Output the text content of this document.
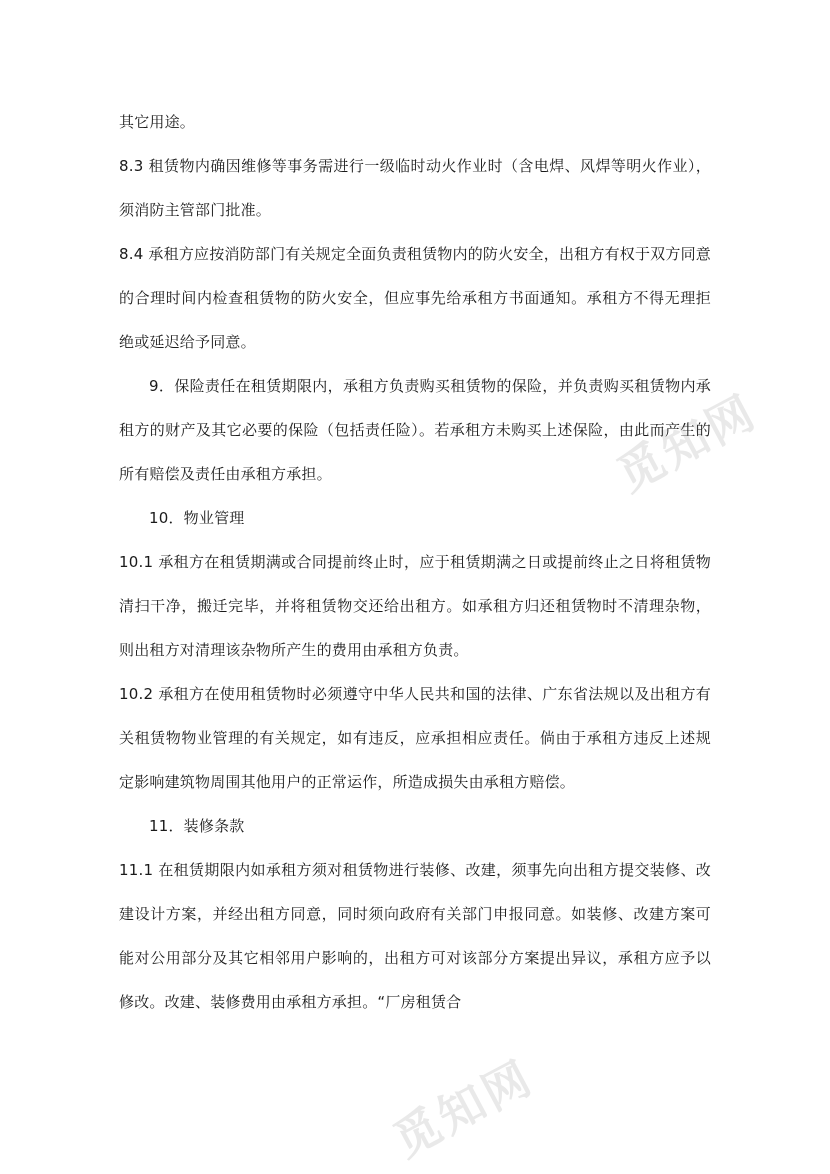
觅知网
觅知网

其它用途。

8.3 租赁物内确因维修等事务需进行一级临时动火作业时（含电焊、风焊等明火作业），须消防主管部门批准。

8.4 承租方应按消防部门有关规定全面负责租赁物内的防火安全，出租方有权于双方同意的合理时间内检查租赁物的防火安全，但应事先给承租方书面通知。承租方不得无理拒绝或延迟给予同意。

9．保险责任在租赁期限内，承租方负责购买租赁物的保险，并负责购买租赁物内承租方的财产及其它必要的保险（包括责任险）。若承租方未购买上述保险，由此而产生的所有赔偿及责任由承租方承担。

10．物业管理

10.1 承租方在租赁期满或合同提前终止时，应于租赁期满之日或提前终止之日将租赁物清扫干净，搬迁完毕，并将租赁物交还给出租方。如承租方归还租赁物时不清理杂物，则出租方对清理该杂物所产生的费用由承租方负责。

10.2 承租方在使用租赁物时必须遵守中华人民共和国的法律、广东省法规以及出租方有关租赁物物业管理的有关规定，如有违反，应承担相应责任。倘由于承租方违反上述规定影响建筑物周围其他用户的正常运作，所造成损失由承租方赔偿。

11．装修条款

11.1 在租赁期限内如承租方须对租赁物进行装修、改建，须事先向出租方提交装修、改建设计方案，并经出租方同意，同时须向政府有关部门申报同意。如装修、改建方案可能对公用部分及其它相邻用户影响的，出租方可对该部分方案提出异议，承租方应予以修改。改建、装修费用由承租方承担。“厂房租赁合
